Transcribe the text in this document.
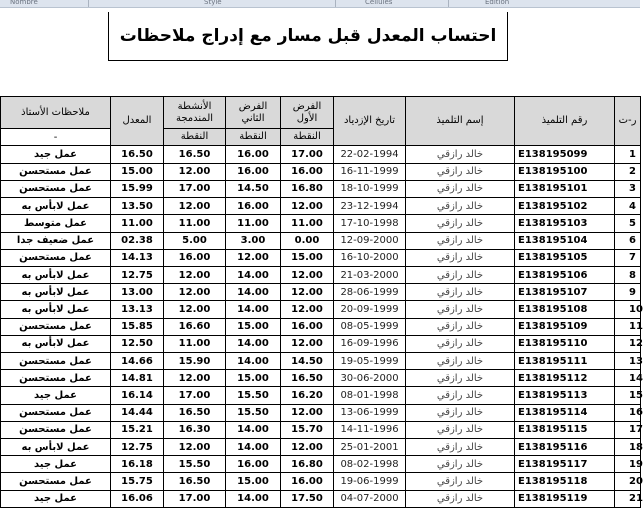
Nombre	Style	Cellules	Edition
احتساب المعدل قبل مسار مع إدراج ملاحظات
ملاحظات الأستاذ	المعدل	الأنشطة المندمجة	الفرض الثاني	الفرض الأول	تاريخ الإزدياد	إسم التلميذ	رقم التلميذ	ر-ت
-		النقطة	النقطة	النقطة				
عمل جيد	16.50	16.50	16.00	17.00	22-02-1994	خالد رازقي	E138195099	1
عمل مستحسن	15.00	12.00	16.00	16.00	16-11-1999	خالد رازقي	E138195100	2
عمل مستحسن	15.99	17.00	14.50	16.80	18-10-1999	خالد رازقي	E138195101	3
عمل لابأس به	13.50	12.00	16.00	12.00	23-12-1994	خالد رازقي	E138195102	4
عمل متوسط	11.00	11.00	11.00	11.00	17-10-1998	خالد رازقي	E138195103	5
عمل ضعيف جدا	02.38	5.00	3.00	0.00	12-09-2000	خالد رازقي	E138195104	6
عمل مستحسن	14.13	16.00	12.00	15.00	16-10-2000	خالد رازقي	E138195105	7
عمل لابأس به	12.75	12.00	14.00	12.00	21-03-2000	خالد رازقي	E138195106	8
عمل لابأس به	13.00	12.00	14.00	12.00	28-06-1999	خالد رازقي	E138195107	9
عمل لابأس به	13.13	12.00	14.00	12.00	20-09-1999	خالد رازقي	E138195108	10
عمل مستحسن	15.85	16.60	15.00	16.00	08-05-1999	خالد رازقي	E138195109	11
عمل لابأس به	12.50	11.00	14.00	12.00	16-09-1996	خالد رازقي	E138195110	12
عمل مستحسن	14.66	15.90	14.00	14.50	19-05-1999	خالد رازقي	E138195111	13
عمل مستحسن	14.81	12.00	15.00	16.50	30-06-2000	خالد رازقي	E138195112	14
عمل جيد	16.14	17.00	15.50	16.20	08-01-1998	خالد رازقي	E138195113	15
عمل مستحسن	14.44	16.50	15.50	12.00	13-06-1999	خالد رازقي	E138195114	16
عمل مستحسن	15.21	16.30	14.00	15.70	14-11-1996	خالد رازقي	E138195115	17
عمل لابأس به	12.75	12.00	14.00	12.00	25-01-2001	خالد رازقي	E138195116	18
عمل جيد	16.18	15.50	16.00	16.80	08-02-1998	خالد رازقي	E138195117	19
عمل مستحسن	15.75	16.50	15.00	16.00	19-06-1999	خالد رازقي	E138195118	20
عمل جيد	16.06	17.00	14.00	17.50	04-07-2000	خالد رازقي	E138195119	21
